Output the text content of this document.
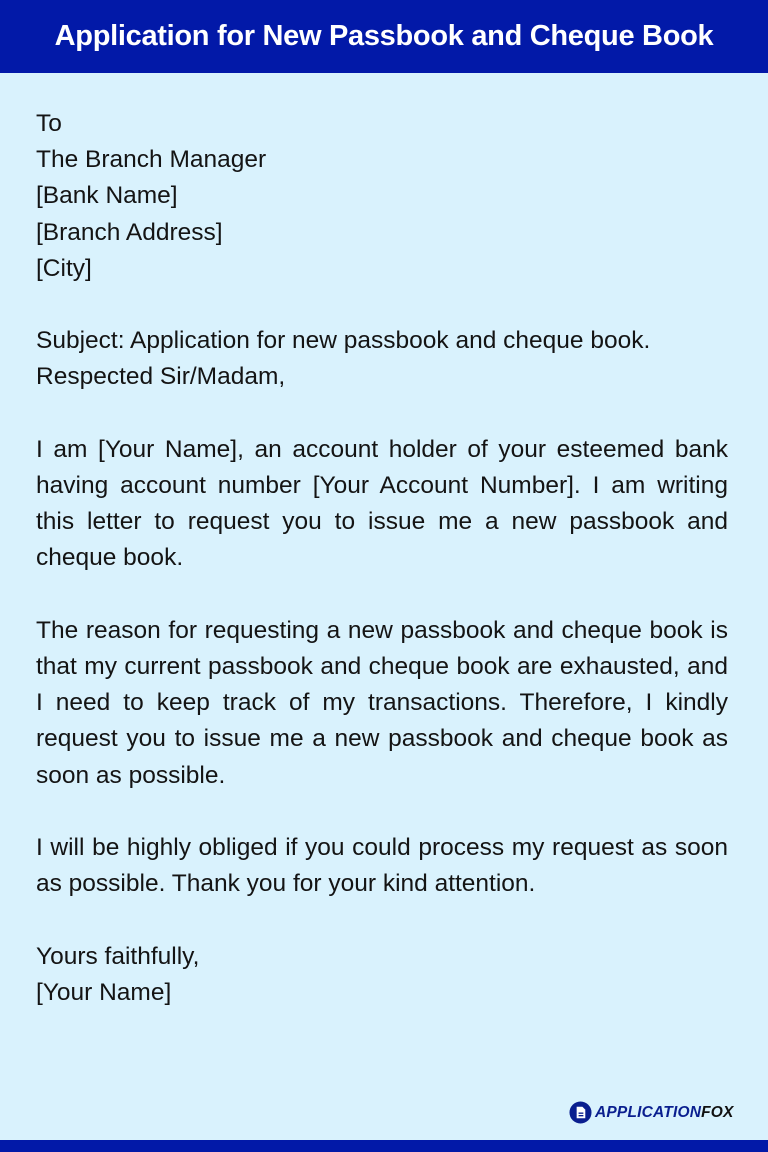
Application for New Passbook and Cheque Book
To
The Branch Manager
[Bank Name]
[Branch Address]
[City]

Subject: Application for new passbook and cheque book.

Respected Sir/Madam,

I am [Your Name], an account holder of your esteemed bank having account number [Your Account Number]. I am writing this letter to request you to issue me a new passbook and cheque book.

The reason for requesting a new passbook and cheque book is that my current passbook and cheque book are exhausted, and I need to keep track of my transactions. Therefore, I kindly request you to issue me a new passbook and cheque book as soon as possible.

I will be highly obliged if you could process my request as soon as possible. Thank you for your kind attention.

Yours faithfully,
[Your Name]
APPLICATIONFOX
